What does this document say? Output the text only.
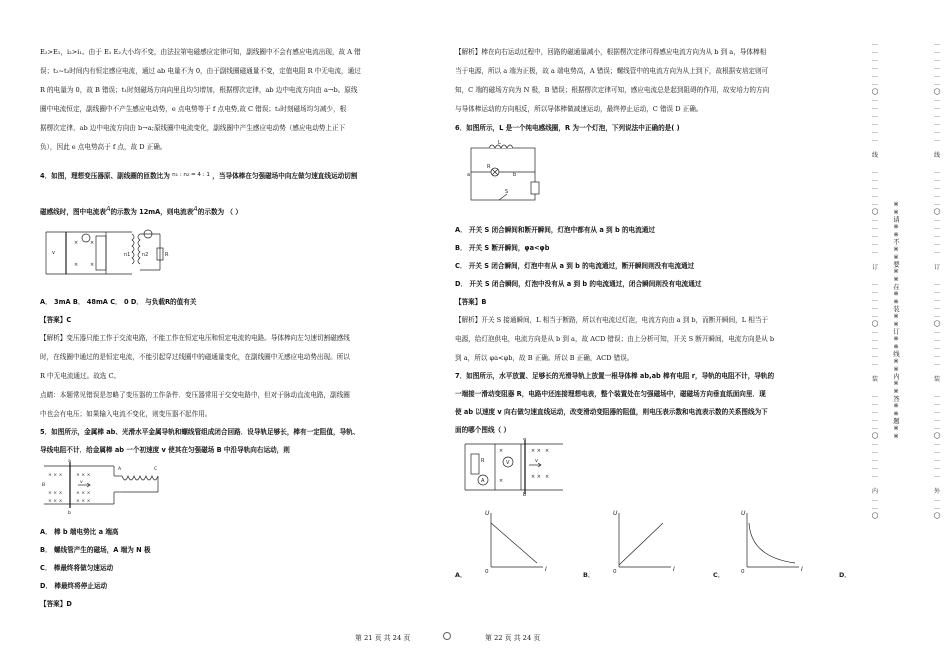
E₂>E₁，i₂>i₁。由于 E₁ E₂大小均不变，由法拉第电磁感应定律可知，副线圈中不会有感应电流出现，故 A 错
误；t₂~t₃时间内有恒定感应电流，通过 ab 电量不为 0，由于副线圈磁通量不变，定值电阻 R 中无电流，通过
R 的电量为 0，故 B 错误；t₁时刻磁场方向向里且均匀增加，根据楞次定律，ab 边中电流方向由 a→b。原线
圈中电流恒定，副线圈中不产生感应电动势，e 点电势等于 f 点电势,故 C 错误；t₃时刻磁场均匀减少，根
据楞次定律，ab 边中电流方向由 b→a;原线圈中电流变化，副线圈中产生感应电动势（感应电动势上正下
负），因此 e 点电势高于 f 点，故 D 正确。
4．如图，理想变压器原、副线圈的匝数比为 $^{n_1 : n_2 = 4 : 1}$ ，当导体棒在匀强磁场中向左做匀速直线运动切割
磁感线时，图中电流表A的示数为 12mA，则电流表A的示数为 （ ）
× ×
× ×
v	n1 n2	R
A． 3mA B． 48mA C． 0 D． 与负载R的值有关
【答案】C
【解析】变压器只能工作于交流电路，不能工作在恒定电压和恒定电流的电路。导体棒向左匀速切割磁感线
时，在线圈中通过的是恒定电流，不能引起穿过线圈中的磁通量变化，在副线圈中无感应电动势出现。所以
R 中无电流通过。故选 C。
点睛：本题常见错误是忽略了变压器的工作条件．变压器常用于交变电路中，但对于脉动直流电路，副线圈
中也会有电压；如果输入电流不变化，则变压器不起作用。
5．如图所示，金属棒 ab、光滑水平金属导轨和螺线管组成闭合回路．设导轨足够长，棒有一定阻值，导轨、
导线电阻不计．给金属棒 ab 一个初速度 v 使其在匀强磁场 B 中沿导轨向右运动，则
× × ×	× × ×
× × ×	× × ×
× × ×	× × ×
a
b
v
A	C
B
A． 棒 b 端电势比 a 端高
B． 螺线管产生的磁场，A 端为 N 极
C． 棒最终将做匀速运动
D． 棒最终将停止运动
【答案】D
第 21 页 共 24 页
【解析】棒在向右运动过程中，回路的磁通量减小，根据楞次定律可得感应电流方向为从 b 到 a，导体棒相
当于电源，所以 a 端为正极，故 a 端电势高，A 错误；螺线管中的电流方向为从上到下，故根据安培定则可
知，C 端的磁场方向为 N 极，B 错误；根据楞次定律可知，感应电流总是起到阻碍的作用，故安培力的方向
与导体棒运动的方向相反，所以导体棒做减速运动，最终停止运动，C 错误 D 正确。
6．如图所示，L 是一个纯电感线圈，R 为一个灯泡，下列说法中正确的是( )
L
a	b
R
S
A． 开关 S 闭合瞬间和断开瞬间，灯泡中都有从 a 到 b 的电流通过
B． 开关 S 断开瞬间，φa<φb
C． 开关 S 闭合瞬间，灯泡中有从 a 到 b 的电流通过，断开瞬间则没有电流通过
D． 开关 S 闭合瞬间，灯泡中没有从 a 到 b 的电流通过，闭合瞬间则没有电流通过
【答案】B
【解析】开关 S 接通瞬间，L 相当于断路，所以有电流过灯泡，电流方向由 a 到 b，而断开瞬间，L 相当于
电源，给灯泡供电，电流方向是从 b 到 a，故 ACD 错误；由上分析可知，开关 S 断开瞬间，电流方向是从 b
到 a，所以 φa<φb，故 B 正确。所以 B 正确，ACD 错误。
7．如图所示，水平放置、足够长的光滑导轨上放置一根导体棒 ab,ab 棒有电阻 r，导轨的电阻不计，导轨的
一端接一滑动变阻器 R，电路中还连接理想电表，整个装置处在匀强磁场中，磁磁场方向垂直纸面向里．现
使 ab 以速度 v 向右做匀速直线运动，改变滑动变阻器的阻值，则电压表示数和电流表示数的关系图线为下
面的哪个图线（ ）
R	V
A
a
b
v
× × ×
× × ×
×
×
U
I
U
I
U
I
0	0	0
A．	B．	C．	D．
第 22 页 共 24 页
…
…
…
…
…
…
◯
…
…
…
…
…
…

线

…
…
…
…
…
◯
…
…
…
…
…

订

…
…
…
…
…
◯
…
…
…
…
…

装

…
…
…
…
…
◯
…
…
…
…
…

内
…
…
◯
※※请※※不※※要※※在※※装※※订※※线※※内※※答※※题※※
…
…
…
…
…
…
◯
…
…
…
…
…
…

线

…
…
…
…
…
◯
…
…
…
…
…

订

…
…
…
…
…
◯
…
…
…
…
…

装

…
…
…
…
…
◯
…
…
…
…
…

外
…
…
◯
